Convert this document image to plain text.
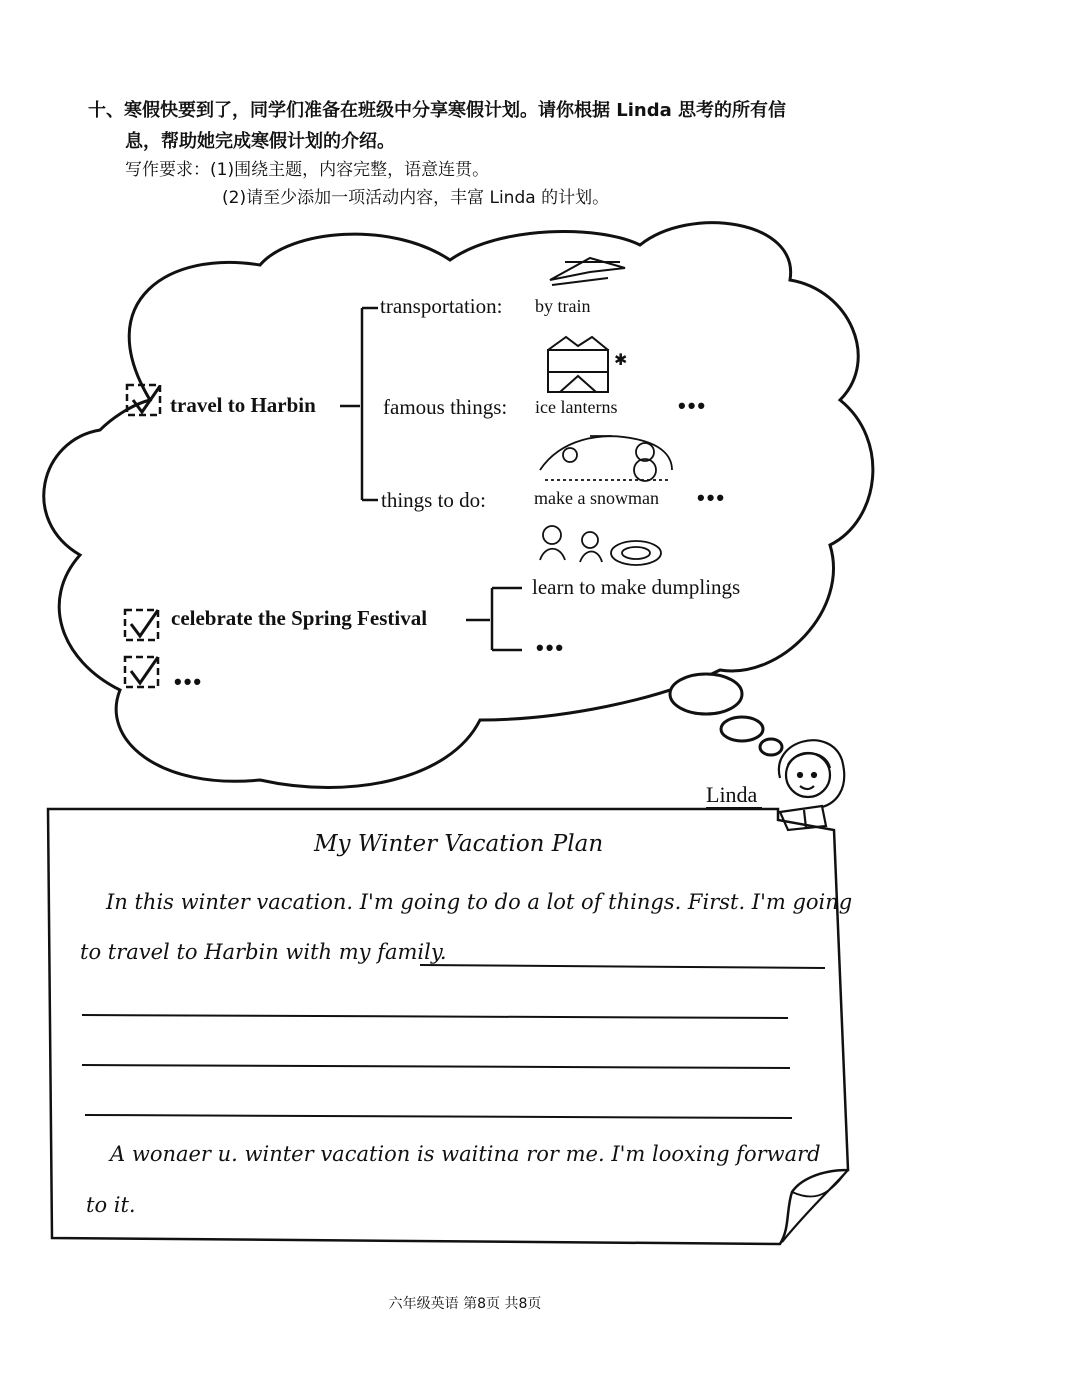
✱
十、寒假快要到了，同学们准备在班级中分享寒假计划。请你根据 Linda 思考的所有信
息，帮助她完成寒假计划的介绍。
写作要求：(1)围绕主题，内容完整，语意连贯。
(2)请至少添加一项活动内容，丰富 Linda 的计划。
travel to Harbin
transportation: by train
famous things: ice lanterns	•••
things to do:	make a snowman •••
celebrate the Spring Festival
learn to make dumplings
•••
•••
Linda
My Winter Vacation Plan
In this winter vacation. I'm going to do a lot of things. First. I'm going
to travel to Harbin with my family.
A wonaer u. winter vacation is waitina ror me. I'm looxing forward
to it.
六年级英语 第8页 共8页
